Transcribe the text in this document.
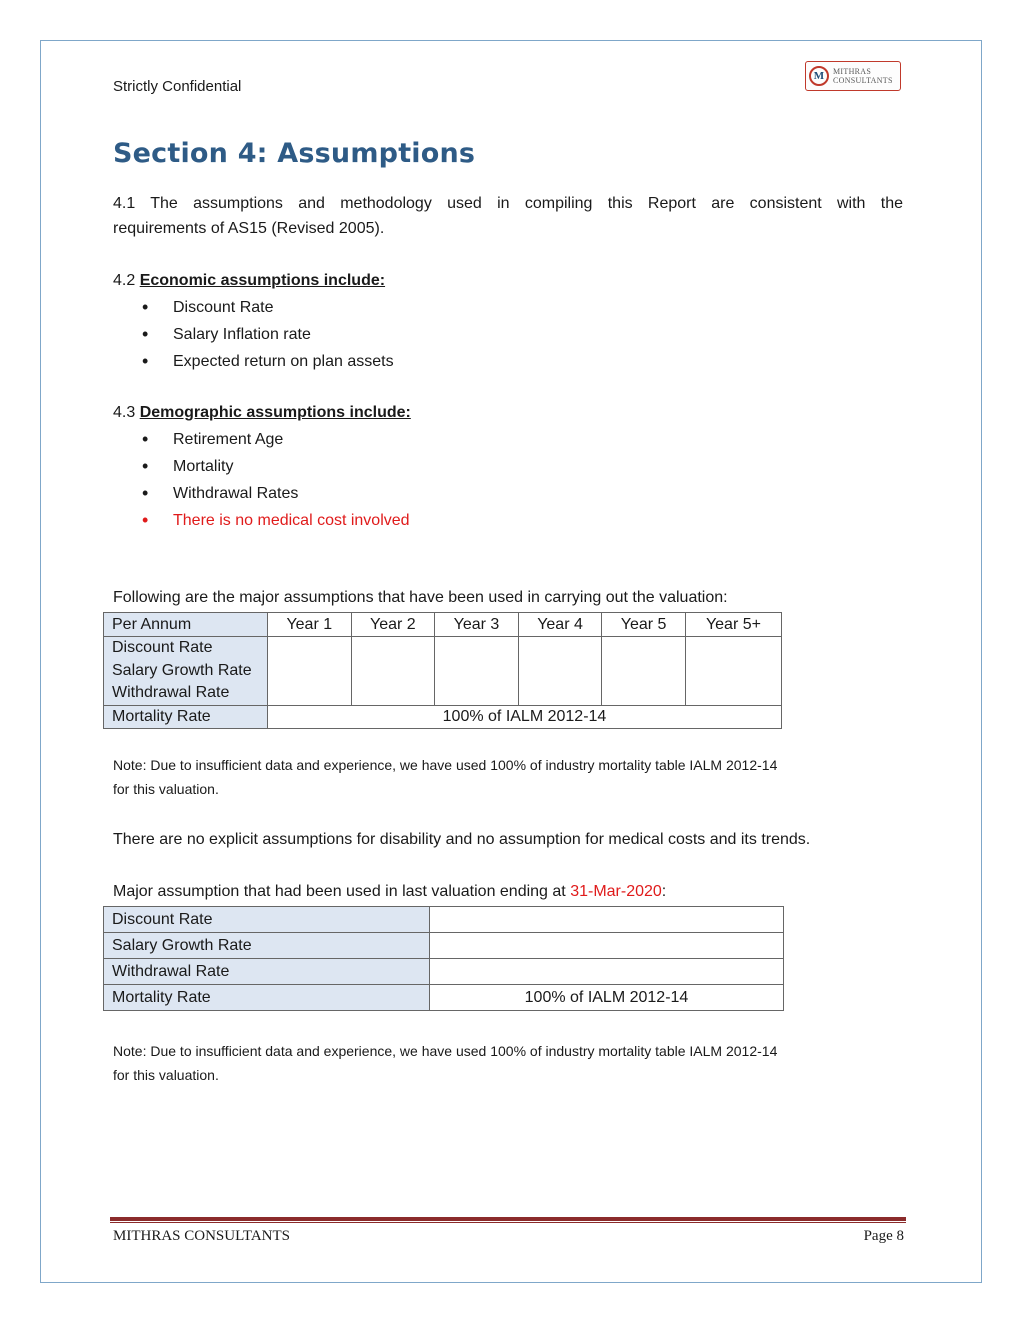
Strictly Confidential
M	MITHRAS
CONSULTANTS
Section 4: Assumptions
4.1 The assumptions and methodology used in compiling this Report are consistent with the
requirements of AS15 (Revised 2005).
4.2 Economic assumptions include:
• Discount Rate
• Salary Inflation rate
• Expected return on plan assets
4.3 Demographic assumptions include:
• Retirement Age
• Mortality
• Withdrawal Rates
• There is no medical cost involved
Following are the major assumptions that have been used in carrying out the valuation:
Per Annum	Year 1	Year 2	Year 3	Year 4	Year 5	Year 5+

Discount Rate
Salary Growth Rate
Withdrawal Rate						

Mortality Rate	100% of IALM 2012-14					
Note: Due to insufficient data and experience, we have used 100% of industry mortality table IALM 2012-14
for this valuation.
There are no explicit assumptions for disability and no assumption for medical costs and its trends.
Major assumption that had been used in last valuation ending at 31-Mar-2020:
Discount Rate	
Salary Growth Rate	
Withdrawal Rate	
Mortality Rate	100% of IALM 2012-14
Note: Due to insufficient data and experience, we have used 100% of industry mortality table IALM 2012-14
for this valuation.
MITHRAS CONSULTANTS	Page 8
